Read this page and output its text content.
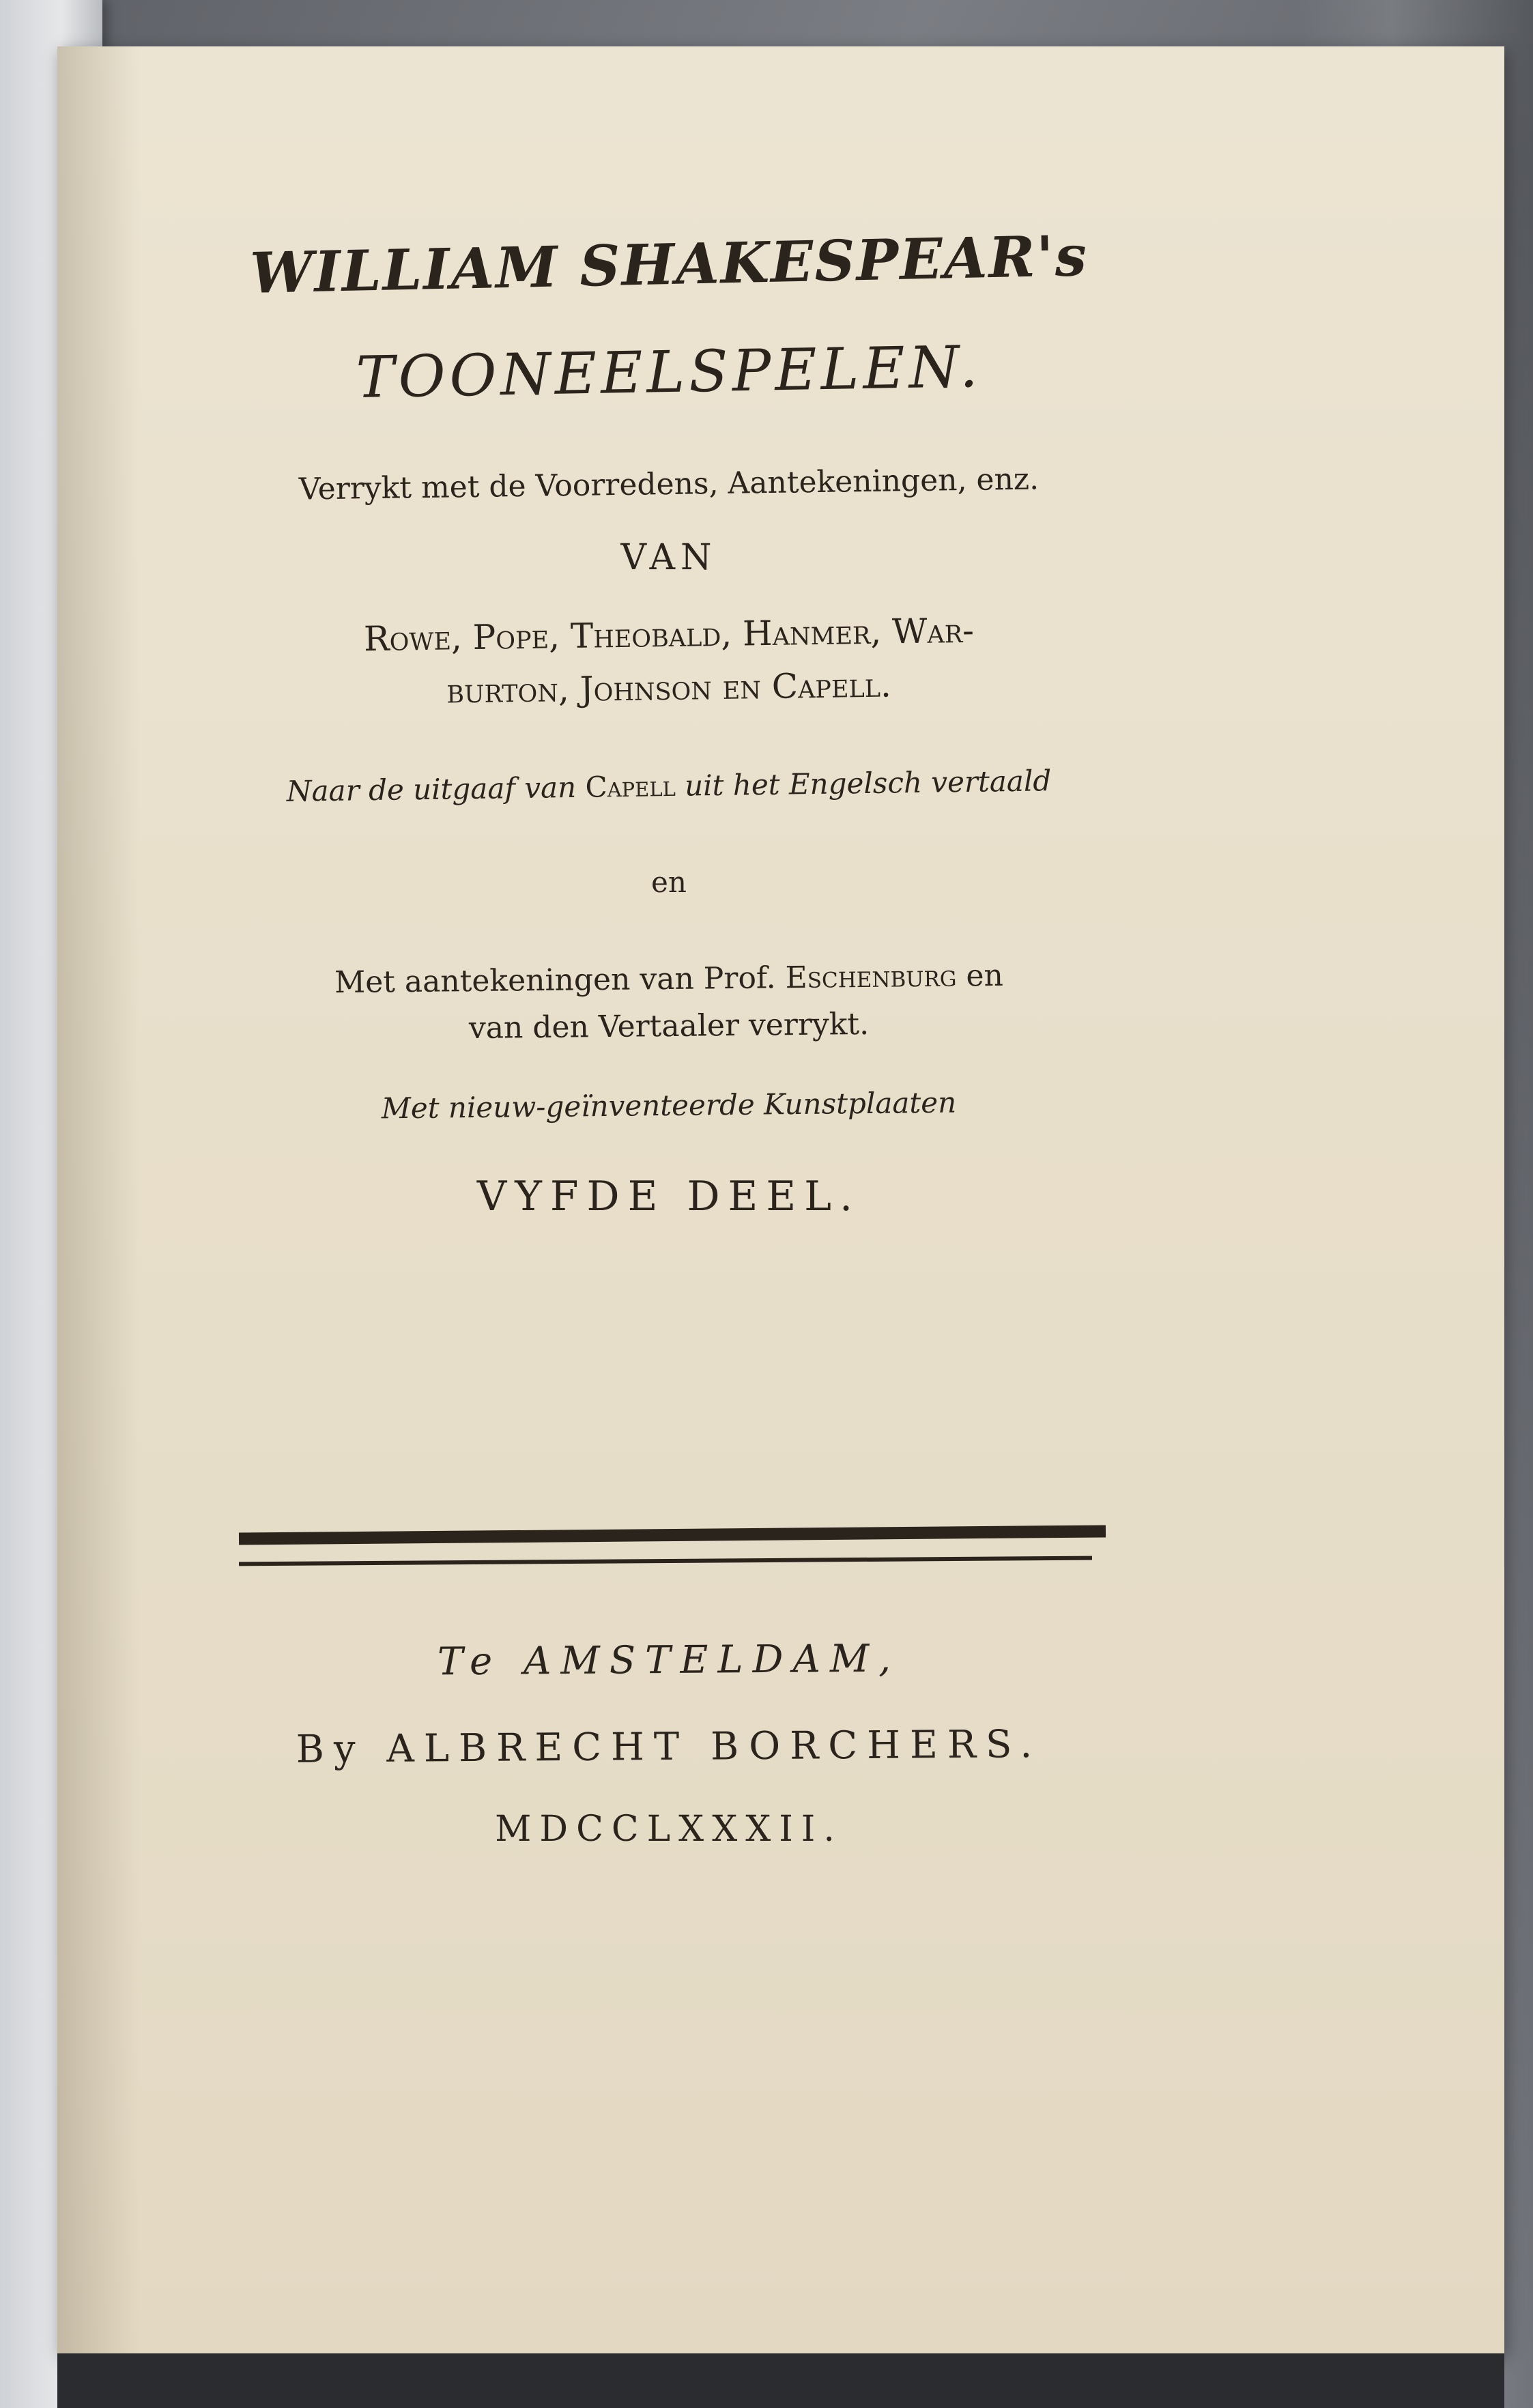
WILLIAM SHAKESPEAR's
TOONEELSPELEN.
Verrykt met de Voorredens, Aantekeningen, enz.
VAN
Rowe, Pope, Theobald, Hanmer, War-
burton, Johnson en Capell.
Naar de uitgaaf van Capell uit het Engelsch vertaald
en
Met aantekeningen van Prof. Eschenburg en
van den Vertaaler verrykt.
Met nieuw-geïnventeerde Kunstplaaten
VYFDE DEEL.
Te AMSTELDAM,
By ALBRECHT BORCHERS.
MDCCLXXXII.
